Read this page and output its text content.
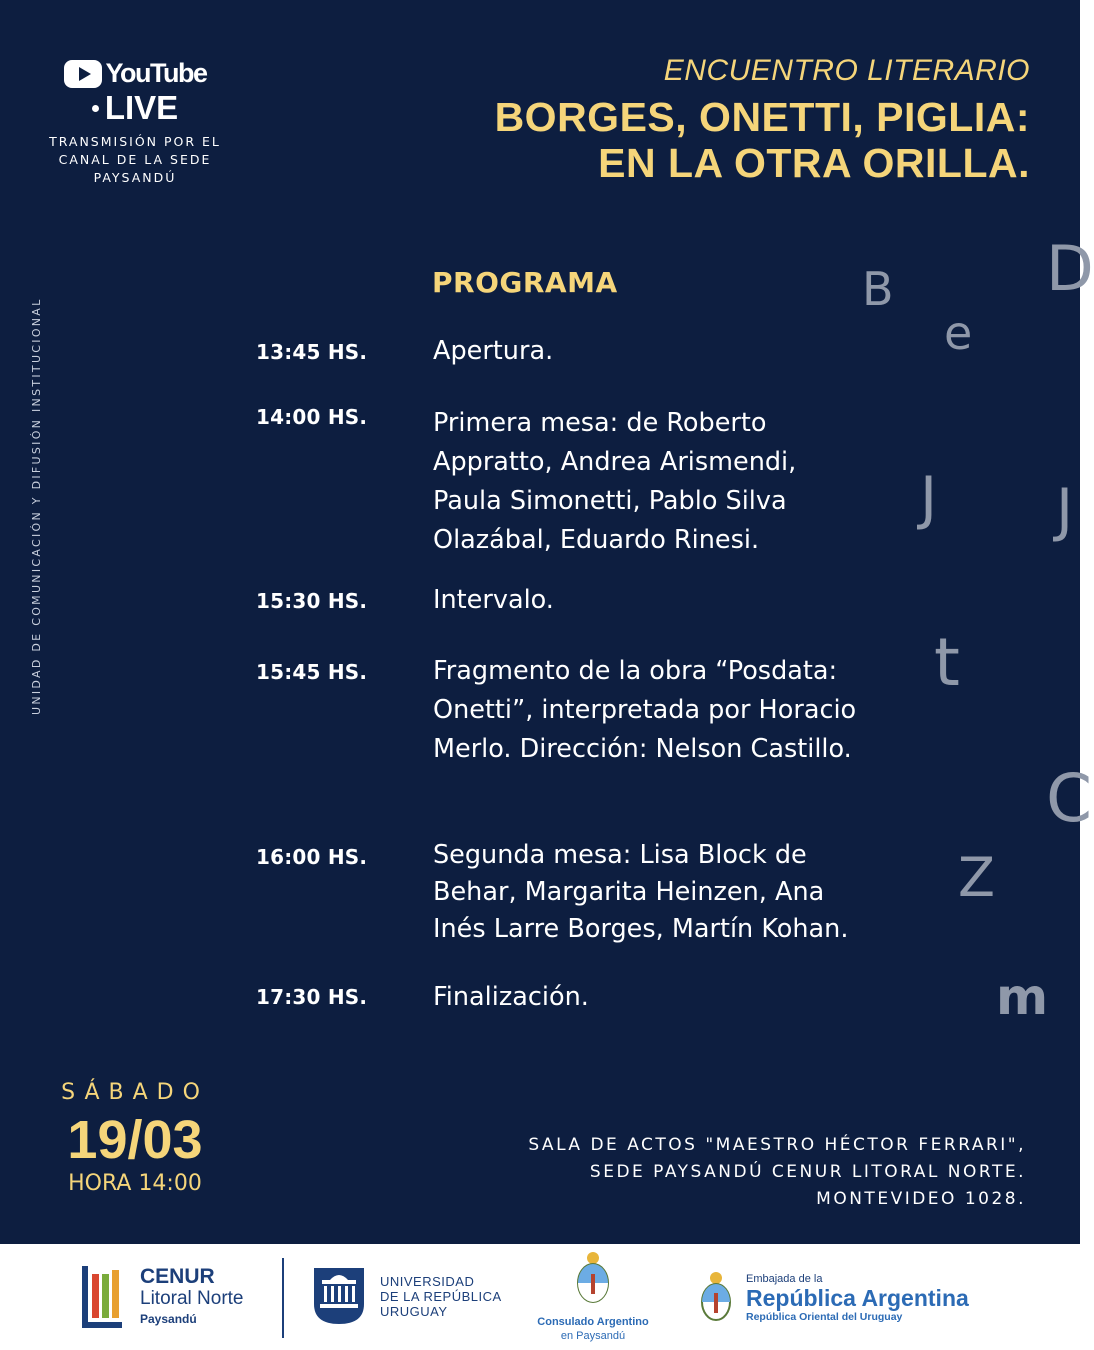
YouTube
LIVE
TRANSMISIÓN POR EL
CANAL DE LA SEDE
PAYSANDÚ
ENCUENTRO LITERARIO
BORGES, ONETTI, PIGLIA:
EN LA OTRA ORILLA.
UNIDAD DE COMUNICACIÓN Y DIFUSIÓN INSTITUCIONAL
PROGRAMA
13:45 HS.	Apertura.
14:00 HS.	Primera mesa: de Roberto Appratto, Andrea Arismendi, Paula Simonetti, Pablo Silva Olazábal, Eduardo Rinesi.
15:30 HS.	Intervalo.
15:45 HS.	Fragmento de la obra “Posdata: Onetti”, interpretada por Horacio Merlo. Dirección: Nelson Castillo.
16:00 HS.	Segunda mesa: Lisa Block de Behar, Margarita Heinzen, Ana Inés Larre Borges, Martín Kohan.
17:30 HS.	Finalización.
B D
e
J J
t
C
Z
m
SÁBADO
19/03
HORA 14:00
SALA DE ACTOS "MAESTRO HÉCTOR FERRARI",
SEDE PAYSANDÚ CENUR LITORAL NORTE.
MONTEVIDEO 1028.
CENUR
Litoral Norte
Paysandú
UNIVERSIDAD
DE LA REPÚBLICA
URUGUAY
Consulado Argentino
en Paysandú
Embajada de la
República Argentina
República Oriental del Uruguay
